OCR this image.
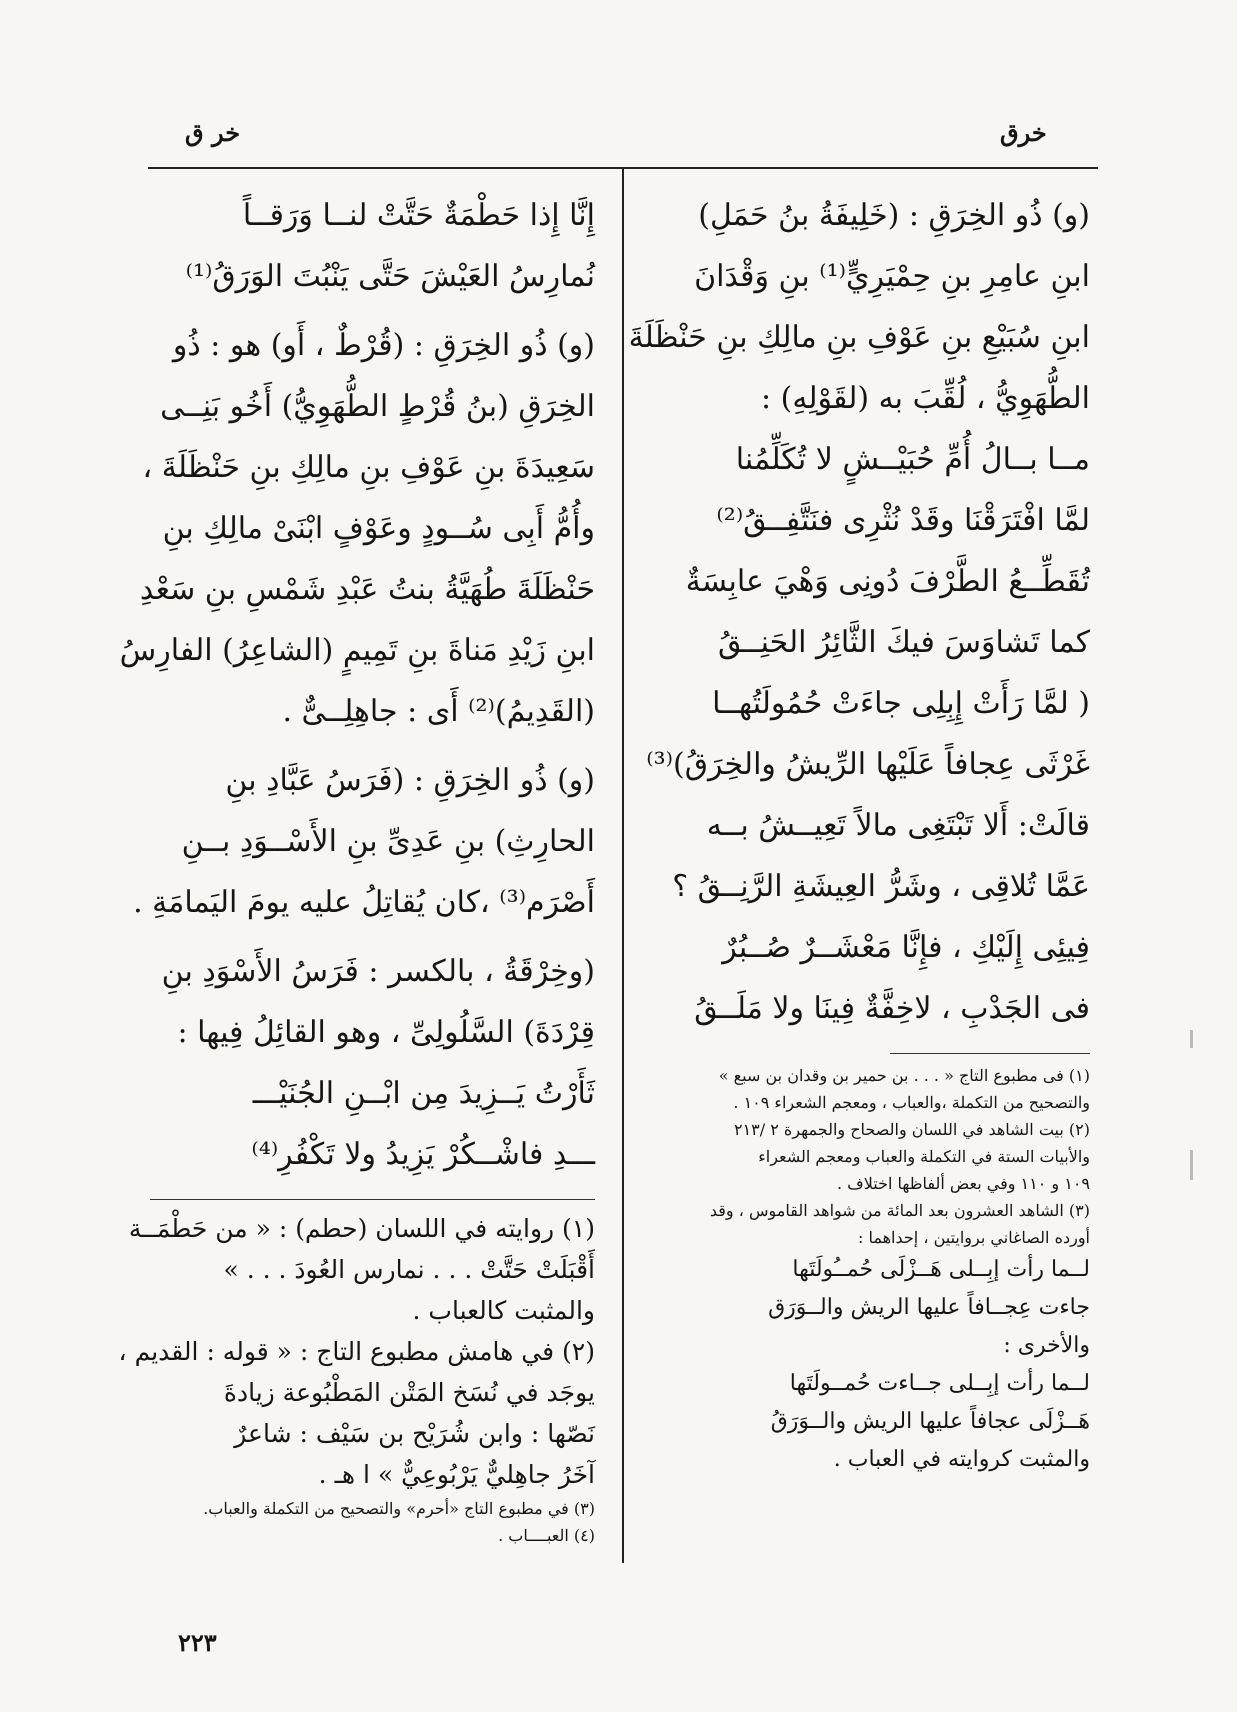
خرق
خر ق

(و) ذُو الخِرَقِ : (خَلِيفَةُ بنُ حَمَلِ)

ابنِ عامِرِ بنِ حِمْيَرِيٍّ⁽¹⁾ بنِ وَقْدَانَ

ابنِ سُبَيْعِ بنِ عَوْفِ بنِ مالِكِ بنِ حَنْظَلَةَ

الطُّهَوِيُّ ، لُقِّبَ به (لقَوْلِهِ) :

مــا بــالُ أُمِّ حُبَيْــشٍ لا تُكَلِّمُنا

لمَّا افْتَرَقْنَا وقَدْ نُثْرِى فنَتَّفِــقُ⁽²⁾

تُقَطِّــعُ الطَّرْفَ دُونِى وَهْيَ عابِسَةٌ

كما تَشاوَسَ فيكَ الثَّائِرُ الحَنِــقُ

( لمَّا رَأَتْ إِبِلِى جاءَتْ حُمُولَتُهــا

غَرْثَى عِجافاً عَلَيْها الرِّيشُ والخِرَقُ)⁽³⁾

قالَتْ: أَلا تَبْتَغِى مالاً تَعِيــشُ بــه

عَمَّا تُلاقِى ، وشَرُّ العِيشَةِ الرَّنِــقُ ؟

فِيئِى إِلَيْكِ ، فإِنَّا مَعْشَــرٌ صُــبُرٌ

فى الجَدْبِ ، لاخِفَّةٌ فِينَا ولا مَلَــقُ

(١) فى مطبوع التاج « . . . بن حمير بن وقدان بن سبع »

والتصحيح من التكملة ،والعباب ، ومعجم الشعراء ١٠٩ .

(٢) بيت الشاهد في اللسان والصحاح والجمهرة ٢ /٢١٣

والأبيات الستة في التكملة والعباب ومعجم الشعراء

١٠٩ و ١١٠ وفي بعض ألفاظها اختلاف .

(٣) الشاهد العشرون بعد المائة من شواهد القاموس ، وقد

أورده الصاغاني بروايتين ، إحداهما :

لــما رأت إبِــلى هَــزْلَى حُمــُولَتَها

جاءت عِجــافاً عليها الريش والــوَرَق

والأخرى :

لــما رأت إبِــلى جــاءت حُمــولَتَها

هَــزْلَى عجافاً عليها الريش والــوَرَقُ

والمثبت كروايته في العباب .

إِنَّا إِذا حَطْمَةٌ حَتَّتْ لنــا وَرَقــاً

نُمارِسُ العَيْشَ حَتَّى يَنْبُتَ الوَرَقُ⁽¹⁾

(و) ذُو الخِرَقِ : (قُرْطٌ ، أَو) هو : ذُو

الخِرَقِ (بنُ قُرْطٍ الطُّهَوِيُّ) أَخُو بَنِــى

سَعِيدَةَ بنِ عَوْفِ بنِ مالِكِ بنِ حَنْظَلَةَ ،

وأُمُّ أَبِى سُــودٍ وعَوْفٍ ابْنَىْ مالِكِ بنِ

حَنْظَلَةَ طُهَيَّةُ بنتُ عَبْدِ شَمْسِ بنِ سَعْدِ

ابنِ زَيْدِ مَناةَ بنِ تَمِيمٍ (الشاعِرُ) الفارِسُ

(القَدِيمُ)⁽²⁾ أَى : جاهِلِــىٌّ .

(و) ذُو الخِرَقِ : (فَرَسُ عَبَّادِ بنِ

الحارِثِ) بنِ عَدِىِّ بنِ الأَسْــوَدِ بــنِ

أَصْرَم⁽³⁾ ،كان يُقاتِلُ عليه يومَ اليَمامَةِ .

(وخِرْقَةُ ، بالكسر : فَرَسُ الأَسْوَدِ بنِ

قِرْدَةَ) السَّلُولِىِّ ، وهو القائِلُ فِيها :

ثَأَرْتُ يَــزِيدَ مِن ابْــنِ الجُنَيْـــ

ـــدِ فاشْــكُرْ يَزِيدُ ولا تَكْفُرِ⁽⁴⁾

(١) روايته في اللسان (حطم) : « من حَطْمَــة

أَقْبَلَتْ حَتَّتْ . . . نمارس العُودَ . . . »

والمثبت كالعباب .

(٢) في هامش مطبوع التاج : « قوله : القديم ،

يوجَد في نُسَخ المَتْن المَطْبُوعة زيادةَ

نَصّها : وابن شُرَيْح بن سَيْف : شاعرٌ

آخَرُ جاهِليٌّ يَرْبُوعِيٌّ » ا هـ .

(٣) في مطبوع التاج «أحرم» والتصحيح من التكملة والعباب.

(٤) العبــــاب .

٢٢٣
